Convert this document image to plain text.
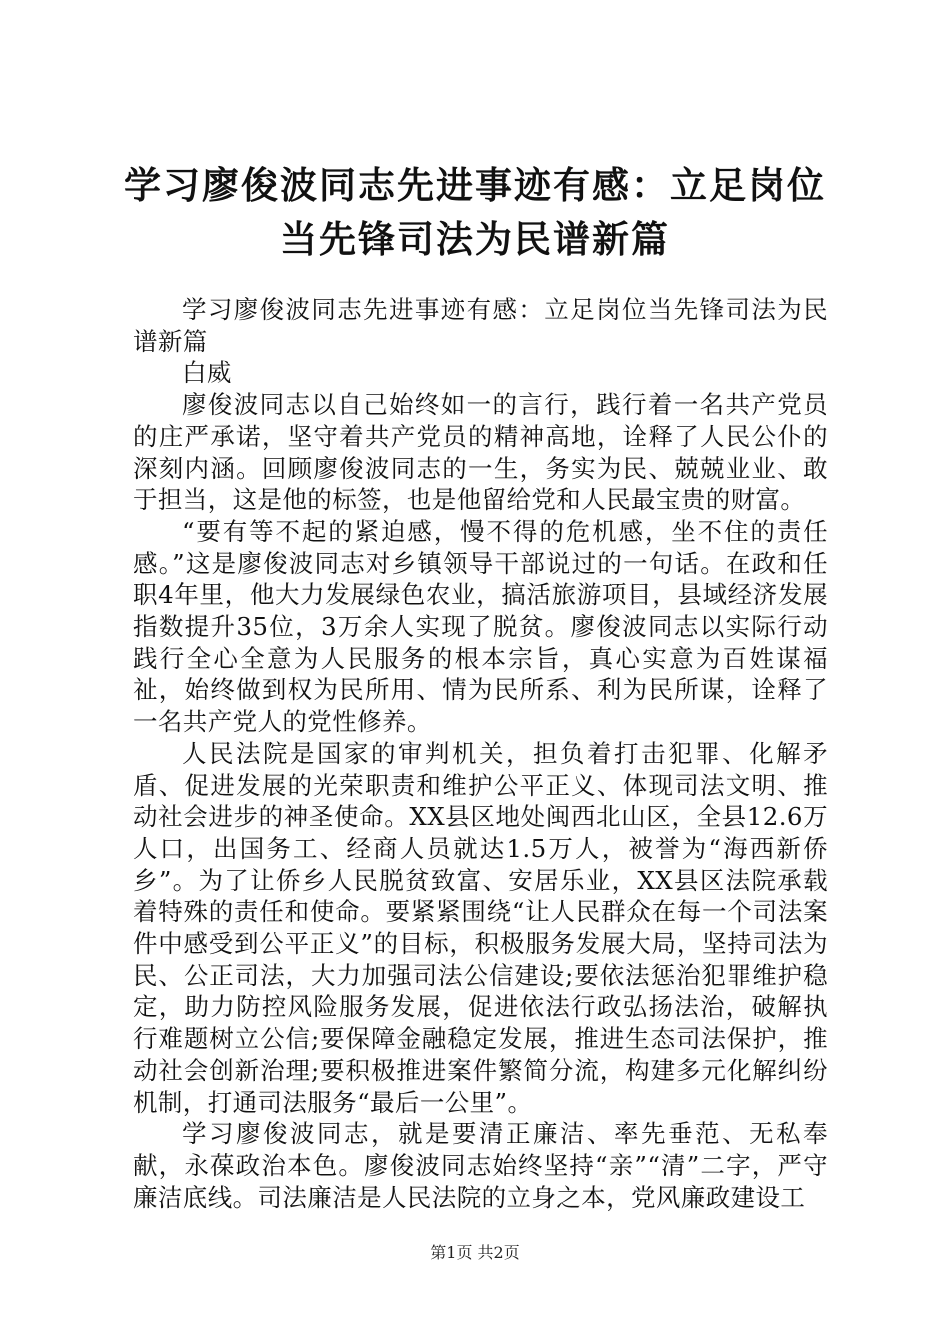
学习廖俊波同志先进事迹有感：立足岗位当先锋司法为民谱新篇

学习廖俊波同志先进事迹有感：立足岗位当先锋司法为民谱新篇

白威

廖俊波同志以自己始终如一的言行，践行着一名共产党员的庄严承诺，坚守着共产党员的精神高地，诠释了人民公仆的深刻内涵。回顾廖俊波同志的一生，务实为民、兢兢业业、敢于担当，这是他的标签，也是他留给党和人民最宝贵的财富。

“要有等不起的紧迫感，慢不得的危机感，坐不住的责任感。”这是廖俊波同志对乡镇领导干部说过的一句话。在政和任职4年里，他大力发展绿色农业，搞活旅游项目，县域经济发展指数提升35位，3万余人实现了脱贫。廖俊波同志以实际行动践行全心全意为人民服务的根本宗旨，真心实意为百姓谋福祉，始终做到权为民所用、情为民所系、利为民所谋，诠释了一名共产党人的党性修养。

人民法院是国家的审判机关，担负着打击犯罪、化解矛盾、促进发展的光荣职责和维护公平正义、体现司法文明、推动社会进步的神圣使命。XX县区地处闽西北山区，全县12.6万人口，出国务工、经商人员就达1.5万人，被誉为“海西新侨乡”。为了让侨乡人民脱贫致富、安居乐业，XX县区法院承载着特殊的责任和使命。要紧紧围绕“让人民群众在每一个司法案件中感受到公平正义”的目标，积极服务发展大局，坚持司法为民、公正司法，大力加强司法公信建设;要依法惩治犯罪维护稳定，助力防控风险服务发展，促进依法行政弘扬法治，破解执行难题树立公信;要保障金融稳定发展，推进生态司法保护，推动社会创新治理;要积极推进案件繁简分流，构建多元化解纠纷机制，打通司法服务“最后一公里”。

学习廖俊波同志，就是要清正廉洁、率先垂范、无私奉献，永葆政治本色。廖俊波同志始终坚持“亲”“清”二字，严守廉洁底线。司法廉洁是人民法院的立身之本，党风廉政建设工

第1页 共2页
